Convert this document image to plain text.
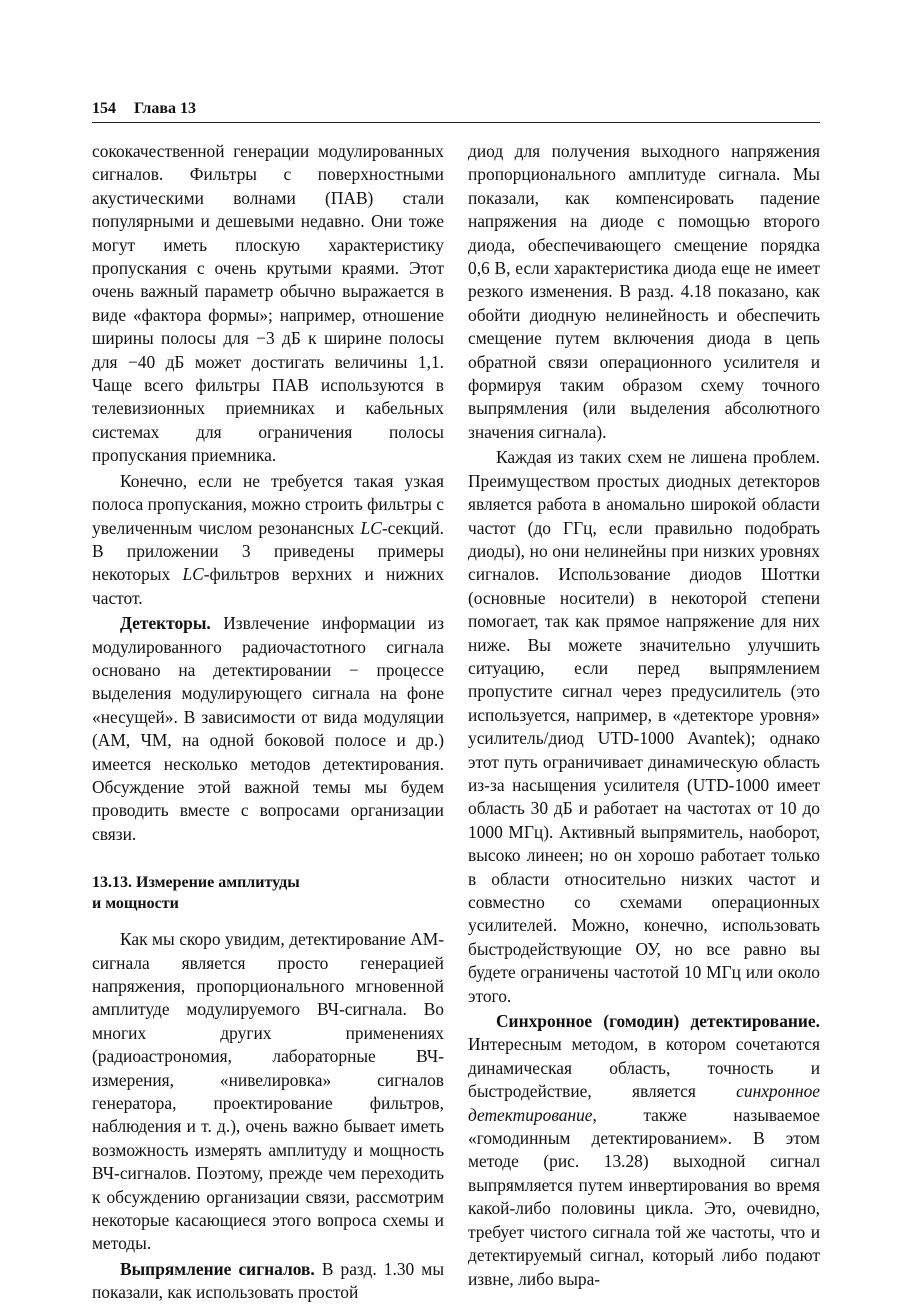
154 Глава 13

сококачественной генерации модулированных сигналов. Фильтры с поверхностными акустическими волнами (ПАВ) стали популярными и дешевыми недавно. Они тоже могут иметь плоскую характеристику пропускания с очень крутыми краями. Этот очень важный параметр обычно выражается в виде «фактора формы»; например, отношение ширины полосы для −3 дБ к ширине полосы для −40 дБ может достигать величины 1,1. Чаще всего фильтры ПАВ используются в телевизионных приемниках и кабельных системах для ограничения полосы пропускания приемника.

Конечно, если не требуется такая узкая полоса пропускания, можно строить фильтры с увеличенным числом резонансных LC-секций. В приложении 3 приведены примеры некоторых LC-фильтров верхних и нижних частот.

Детекторы. Извлечение информации из модулированного радиочастотного сигнала основано на детектировании − процессе выделения модулирующего сигнала на фоне «несущей». В зависимости от вида модуляции (АМ, ЧМ, на одной боковой полосе и др.) имеется несколько методов детектирования. Обсуждение этой важной темы мы будем проводить вместе с вопросами организации связи.

13.13. Измерение амплитуды
и мощности

Как мы скоро увидим, детектирование АМ-сигнала является просто генерацией напряжения, пропорционального мгновенной амплитуде модулируемого ВЧ-сигнала. Во многих других применениях (радиоастрономия, лабораторные ВЧ-измерения, «нивелировка» сигналов генератора, проектирование фильтров, наблюдения и т. д.), очень важно бывает иметь возможность измерять амплитуду и мощность ВЧ-сигналов. Поэтому, прежде чем переходить к обсуждению организации связи, рассмотрим некоторые касающиеся этого вопроса схемы и методы.

Выпрямление сигналов. В разд. 1.30 мы показали, как использовать простой

диод для получения выходного напряжения пропорционального амплитуде сигнала. Мы показали, как компенсировать падение напряжения на диоде с помощью второго диода, обеспечивающего смещение порядка 0,6 В, если характеристика диода еще не имеет резкого изменения. В разд. 4.18 показано, как обойти диодную нелинейность и обеспечить смещение путем включения диода в цепь обратной связи операционного усилителя и формируя таким образом схему точного выпрямления (или выделения абсолютного значения сигнала).

Каждая из таких схем не лишена проблем. Преимуществом простых диодных детекторов является работа в аномально широкой области частот (до ГГц, если правильно подобрать диоды), но они нелинейны при низких уровнях сигналов. Использование диодов Шоттки (основные носители) в некоторой степени помогает, так как прямое напряжение для них ниже. Вы можете значительно улучшить ситуацию, если перед выпрямлением пропустите сигнал через предусилитель (это используется, например, в «детекторе уровня» усилитель/диод UTD-1000 Avantek); однако этот путь ограничивает динамическую область из-за насыщения усилителя (UTD-1000 имеет область 30 дБ и работает на частотах от 10 до 1000 МГц). Активный выпрямитель, наоборот, высоко линеен; но он хорошо работает только в области относительно низких частот и совместно со схемами операционных усилителей. Можно, конечно, использовать быстродействующие ОУ, но все равно вы будете ограничены частотой 10 МГц или около этого.

Синхронное (гомодин) детектирование. Интересным методом, в котором сочетаются динамическая область, точность и быстродействие, является синхронное детектирование, также называемое «гомодинным детектированием». В этом методе (рис. 13.28) выходной сигнал выпрямляется путем инвертирования во время какой-либо половины цикла. Это, очевидно, требует чистого сигнала той же частоты, что и детектируемый сигнал, который либо подают извне, либо выра-
